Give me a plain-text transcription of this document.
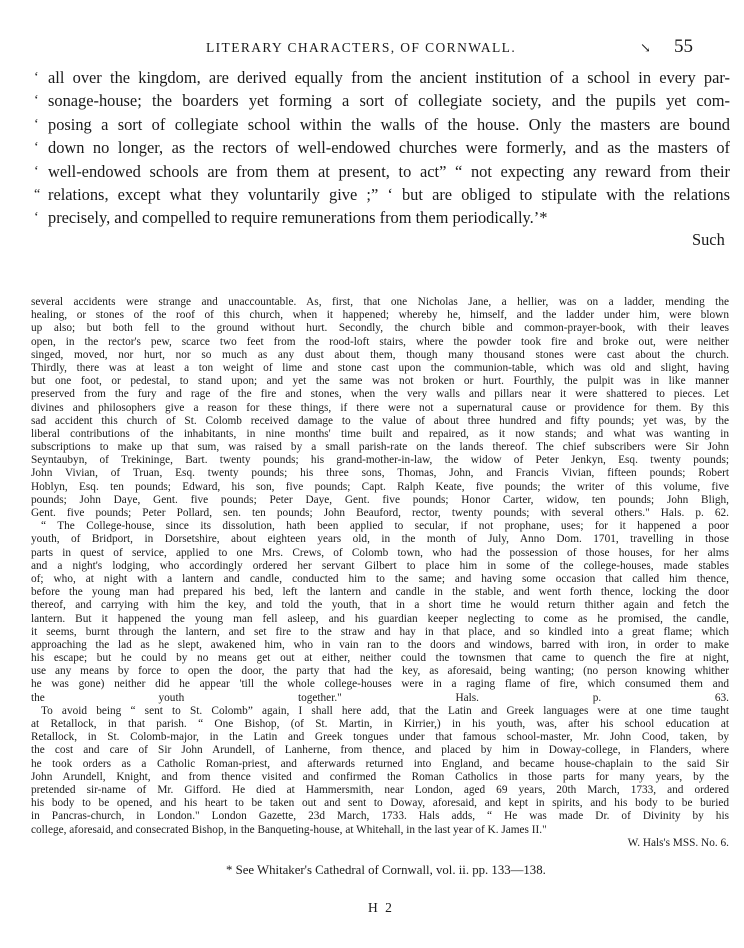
LITERARY CHARACTERS, OF CORNWALL.	↘ 55
‘ all over the kingdom, are derived equally from the ancient institution of a school in every par-
‘ sonage-house; the boarders yet forming a sort of collegiate society, and the pupils yet com-
‘ posing a sort of collegiate school within the walls of the house. Only the masters are bound
‘ down no longer, as the rectors of well-endowed churches were formerly, and as the masters of
‘ well-endowed schools are from them at present, to act” “ not expecting any reward from their
“ relations, except what they voluntarily give ;” ‘ but are obliged to stipulate with the relations
‘ precisely, and compelled to require remunerations from them periodically.’*
Such
several accidents were strange and unaccountable. As, first, that one Nicholas Jane, a hellier, was on a ladder, mending the
healing, or stones of the roof of this church, when it happened; whereby he, himself, and the ladder under him, were blown
up also; but both fell to the ground without hurt. Secondly, the church bible and common-prayer-book, with their leaves
open, in the rector's pew, scarce two feet from the rood-loft stairs, where the powder took fire and broke out, were neither
singed, moved, nor hurt, nor so much as any dust about them, though many thousand stones were cast about the church.
Thirdly, there was at least a ton weight of lime and stone cast upon the communion-table, which was old and slight, having
but one foot, or pedestal, to stand upon; and yet the same was not broken or hurt. Fourthly, the pulpit was in like manner
preserved from the fury and rage of the fire and stones, when the very walls and pillars near it were shattered to pieces. Let
divines and philosophers give a reason for these things, if there were not a supernatural cause or providence for them. By this
sad accident this church of St. Colomb received damage to the value of about three hundred and fifty pounds; yet was, by the
liberal contributions of the inhabitants, in nine months' time built and repaired, as it now stands; and what was wanting in
subscriptions to make up that sum, was raised by a small parish-rate on the lands thereof. The chief subscribers were Sir John
Seyntaubyn, of Trekininge, Bart. twenty pounds; his grand-mother-in-law, the widow of Peter Jenkyn, Esq. twenty pounds;
John Vivian, of Truan, Esq. twenty pounds; his three sons, Thomas, John, and Francis Vivian, fifteen pounds; Robert
Hoblyn, Esq. ten pounds; Edward, his son, five pounds; Capt. Ralph Keate, five pounds; the writer of this volume, five
pounds; John Daye, Gent. five pounds; Peter Daye, Gent. five pounds; Honor Carter, widow, ten pounds; John Bligh,
Gent. five pounds; Peter Pollard, sen. ten pounds; John Beauford, rector, twenty pounds; with several others." Hals. p. 62.
“ The College-house, since its dissolution, hath been applied to secular, if not prophane, uses; for it happened a poor
youth, of Bridport, in Dorsetshire, about eighteen years old, in the month of July, Anno Dom. 1701, travelling in those
parts in quest of service, applied to one Mrs. Crews, of Colomb town, who had the possession of those houses, for her alms
and a night's lodging, who accordingly ordered her servant Gilbert to place him in some of the college-houses, made stables
of; who, at night with a lantern and candle, conducted him to the same; and having some occasion that called him thence,
before the young man had prepared his bed, left the lantern and candle in the stable, and went forth thence, locking the door
thereof, and carrying with him the key, and told the youth, that in a short time he would return thither again and fetch the
lantern. But it happened the young man fell asleep, and his guardian keeper neglecting to come as he promised, the candle,
it seems, burnt through the lantern, and set fire to the straw and hay in that place, and so kindled into a great flame; which
approaching the lad as he slept, awakened him, who in vain ran to the doors and windows, barred with iron, in order to make
his escape; but he could by no means get out at either, neither could the townsmen that came to quench the fire at night,
use any means by force to open the door, the party that had the key, as aforesaid, being wanting; (no person knowing whither
he was gone) neither did he appear 'till the whole college-houses were in a raging flame of fire, which consumed them and
the youth together." Hals. p. 63.
To avoid being “ sent to St. Colomb” again, I shall here add, that the Latin and Greek languages were at one time taught
at Retallock, in that parish. “ One Bishop, (of St. Martin, in Kirrier,) in his youth, was, after his school education at
Retallock, in St. Colomb-major, in the Latin and Greek tongues under that famous school-master, Mr. John Cood, taken, by
the cost and care of Sir John Arundell, of Lanherne, from thence, and placed by him in Doway-college, in Flanders, where
he took orders as a Catholic Roman-priest, and afterwards returned into England, and became house-chaplain to the said Sir
John Arundell, Knight, and from thence visited and confirmed the Roman Catholics in those parts for many years, by the
pretended sir-name of Mr. Gifford. He died at Hammersmith, near London, aged 69 years, 20th March, 1733, and ordered
his body to be opened, and his heart to be taken out and sent to Doway, aforesaid, and kept in spirits, and his body to be buried
in Pancras-church, in London." London Gazette, 23d March, 1733. Hals adds, “ He was made Dr. of Divinity by his
college, aforesaid, and consecrated Bishop, in the Banqueting-house, at Whitehall, in the last year of K. James II."
W. Hals's MSS. No. 6.
* See Whitaker's Cathedral of Cornwall, vol. ii. pp. 133—138.
H 2
